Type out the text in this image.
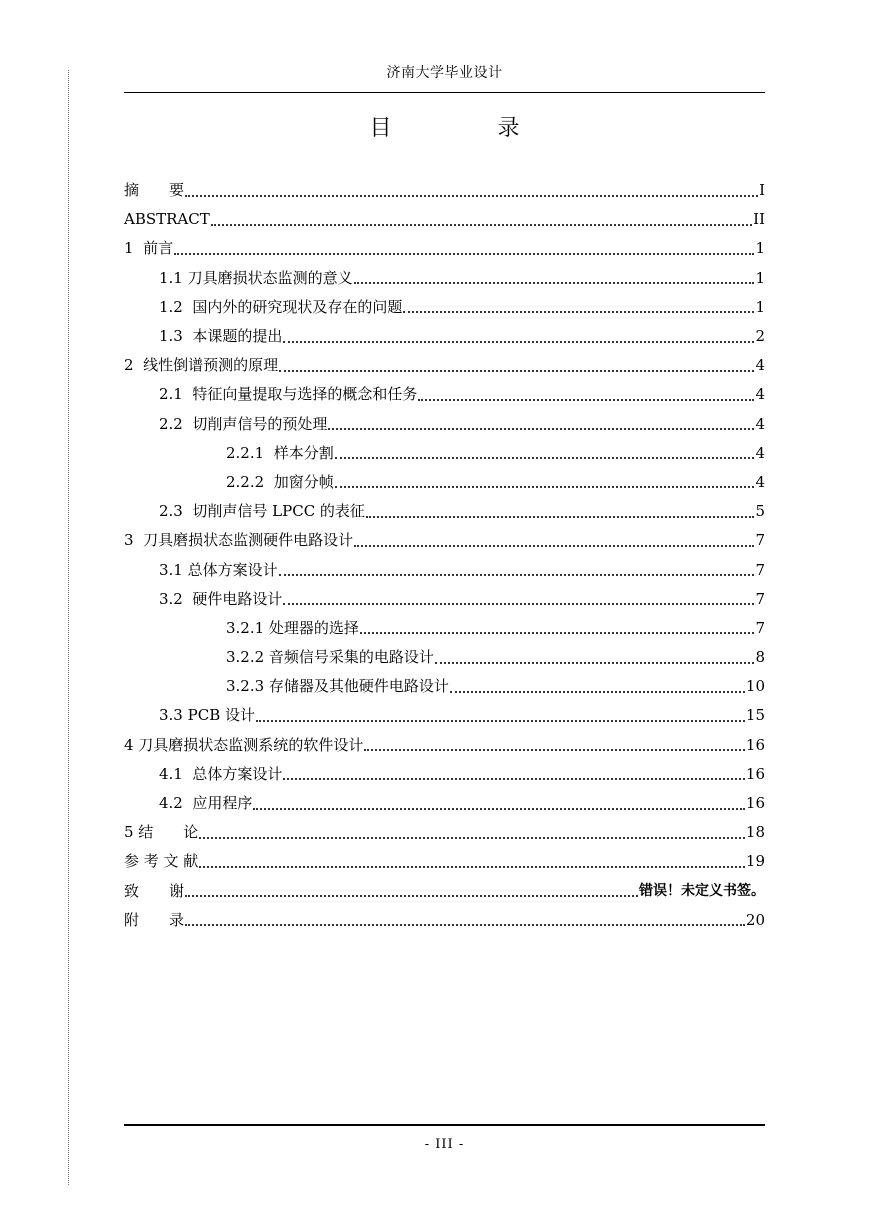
济南大学毕业设计
目　录
摘　　要	I
ABSTRACT	II
1  前言	1
1.1 刀具磨损状态监测的意义	1
1.2  国内外的研究现状及存在的问题	1
1.3  本课题的提出	2
2  线性倒谱预测的原理	4
2.1  特征向量提取与选择的概念和任务	4
2.2  切削声信号的预处理	4
2.2.1  样本分割	4
2.2.2  加窗分帧	4
2.3  切削声信号 LPCC 的表征	5
3  刀具磨损状态监测硬件电路设计	7
3.1 总体方案设计	7
3.2  硬件电路设计	7
3.2.1 处理器的选择	7
3.2.2 音频信号采集的电路设计	8
3.2.3 存储器及其他硬件电路设计	10
3.3 PCB 设计	15
4 刀具磨损状态监测系统的软件设计	16
4.1  总体方案设计	16
4.2  应用程序	16
5 结　　论	18
参 考 文 献	19
致　　谢	错误！未定义书签。
附　　录	20
- III -
